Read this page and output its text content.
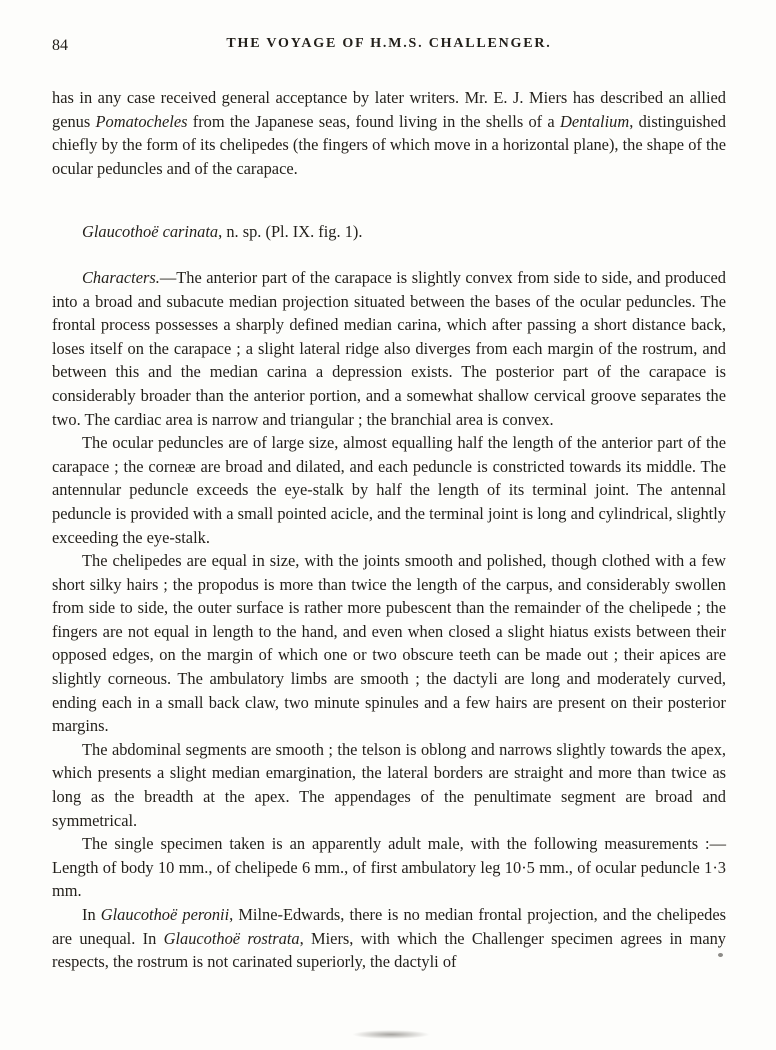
84	THE VOYAGE OF H.M.S. CHALLENGER.

has in any case received general acceptance by later writers. Mr. E. J. Miers has described an allied genus Pomatocheles from the Japanese seas, found living in the shells of a Dentalium, distinguished chiefly by the form of its chelipedes (the fingers of which move in a horizontal plane), the shape of the ocular peduncles and of the carapace.

Glaucothoë carinata, n. sp. (Pl. IX. fig. 1).

Characters.—The anterior part of the carapace is slightly convex from side to side, and produced into a broad and subacute median projection situated between the bases of the ocular peduncles. The frontal process possesses a sharply defined median carina, which after passing a short distance back, loses itself on the carapace ; a slight lateral ridge also diverges from each margin of the rostrum, and between this and the median carina a depression exists. The posterior part of the carapace is considerably broader than the anterior portion, and a somewhat shallow cervical groove separates the two. The cardiac area is narrow and triangular ; the branchial area is convex.

The ocular peduncles are of large size, almost equalling half the length of the anterior part of the carapace ; the corneæ are broad and dilated, and each peduncle is constricted towards its middle. The antennular peduncle exceeds the eye-stalk by half the length of its terminal joint. The antennal peduncle is provided with a small pointed acicle, and the terminal joint is long and cylindrical, slightly exceeding the eye-stalk.

The chelipedes are equal in size, with the joints smooth and polished, though clothed with a few short silky hairs ; the propodus is more than twice the length of the carpus, and considerably swollen from side to side, the outer surface is rather more pubescent than the remainder of the chelipede ; the fingers are not equal in length to the hand, and even when closed a slight hiatus exists between their opposed edges, on the margin of which one or two obscure teeth can be made out ; their apices are slightly corneous. The ambulatory limbs are smooth ; the dactyli are long and moderately curved, ending each in a small back claw, two minute spinules and a few hairs are present on their posterior margins.

The abdominal segments are smooth ; the telson is oblong and narrows slightly towards the apex, which presents a slight median emargination, the lateral borders are straight and more than twice as long as the breadth at the apex. The appendages of the penultimate segment are broad and symmetrical.

The single specimen taken is an apparently adult male, with the following measurements :—Length of body 10 mm., of chelipede 6 mm., of first ambulatory leg 10·5 mm., of ocular peduncle 1·3 mm.

In Glaucothoë peronii, Milne-Edwards, there is no median frontal projection, and the chelipedes are unequal. In Glaucothoë rostrata, Miers, with which the Challenger specimen agrees in many respects, the rostrum is not carinated superiorly, the dactyli of
